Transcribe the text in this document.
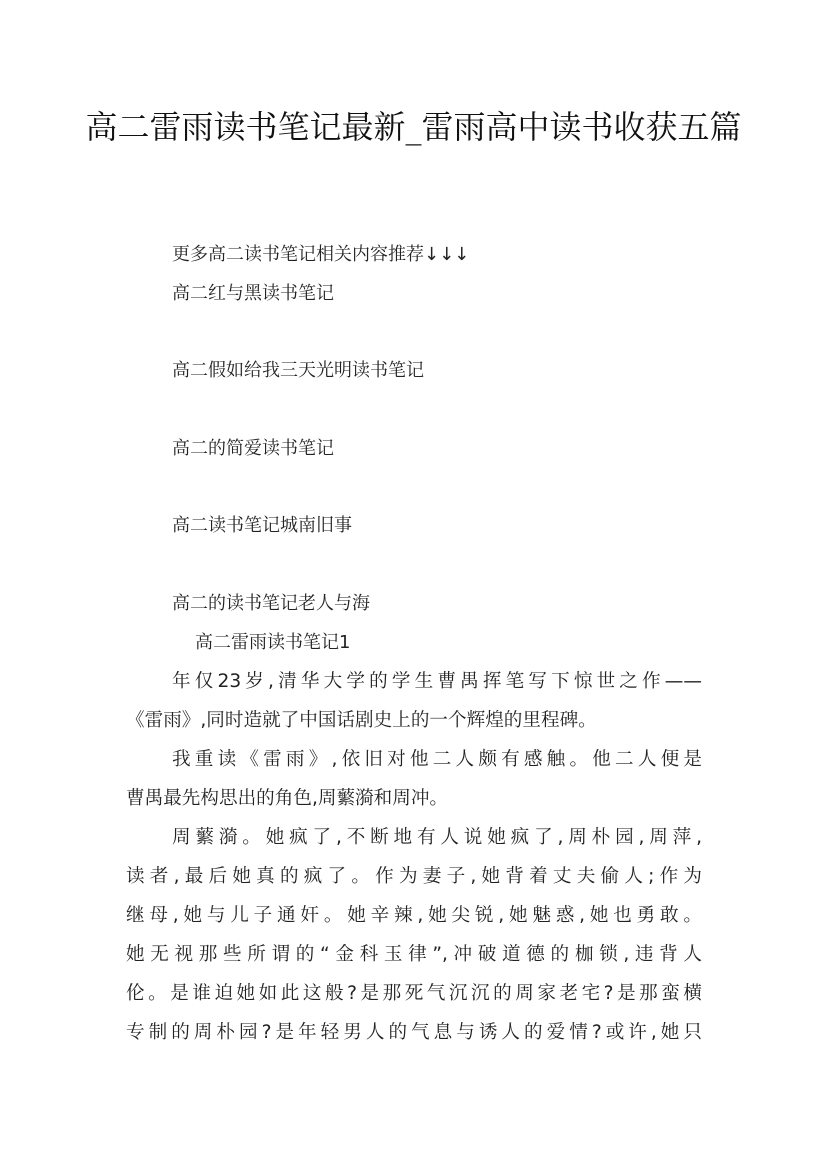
高二雷雨读书笔记最新_雷雨高中读书收获五篇
更多高二读书笔记相关内容推荐↓↓↓
高二红与黑读书笔记
高二假如给我三天光明读书笔记
高二的简爱读书笔记
高二读书笔记城南旧事
高二的读书笔记老人与海
高二雷雨读书笔记1
年仅23岁,清华大学的学生曹禺挥笔写下惊世之作——
《雷雨》,同时造就了中国话剧史上的一个辉煌的里程碑。
我重读《雷雨》,依旧对他二人颇有感触。他二人便是
曹禺最先构思出的角色,周蘩漪和周冲。
周蘩漪。她疯了,不断地有人说她疯了,周朴园,周萍,
读者,最后她真的疯了。作为妻子,她背着丈夫偷人;作为
继母,她与儿子通奸。她辛辣,她尖锐,她魅惑,她也勇敢。
她无视那些所谓的“金科玉律”,冲破道德的枷锁,违背人
伦。是谁迫她如此这般?是那死气沉沉的周家老宅?是那蛮横
专制的周朴园?是年轻男人的气息与诱人的爱情?或许,她只
